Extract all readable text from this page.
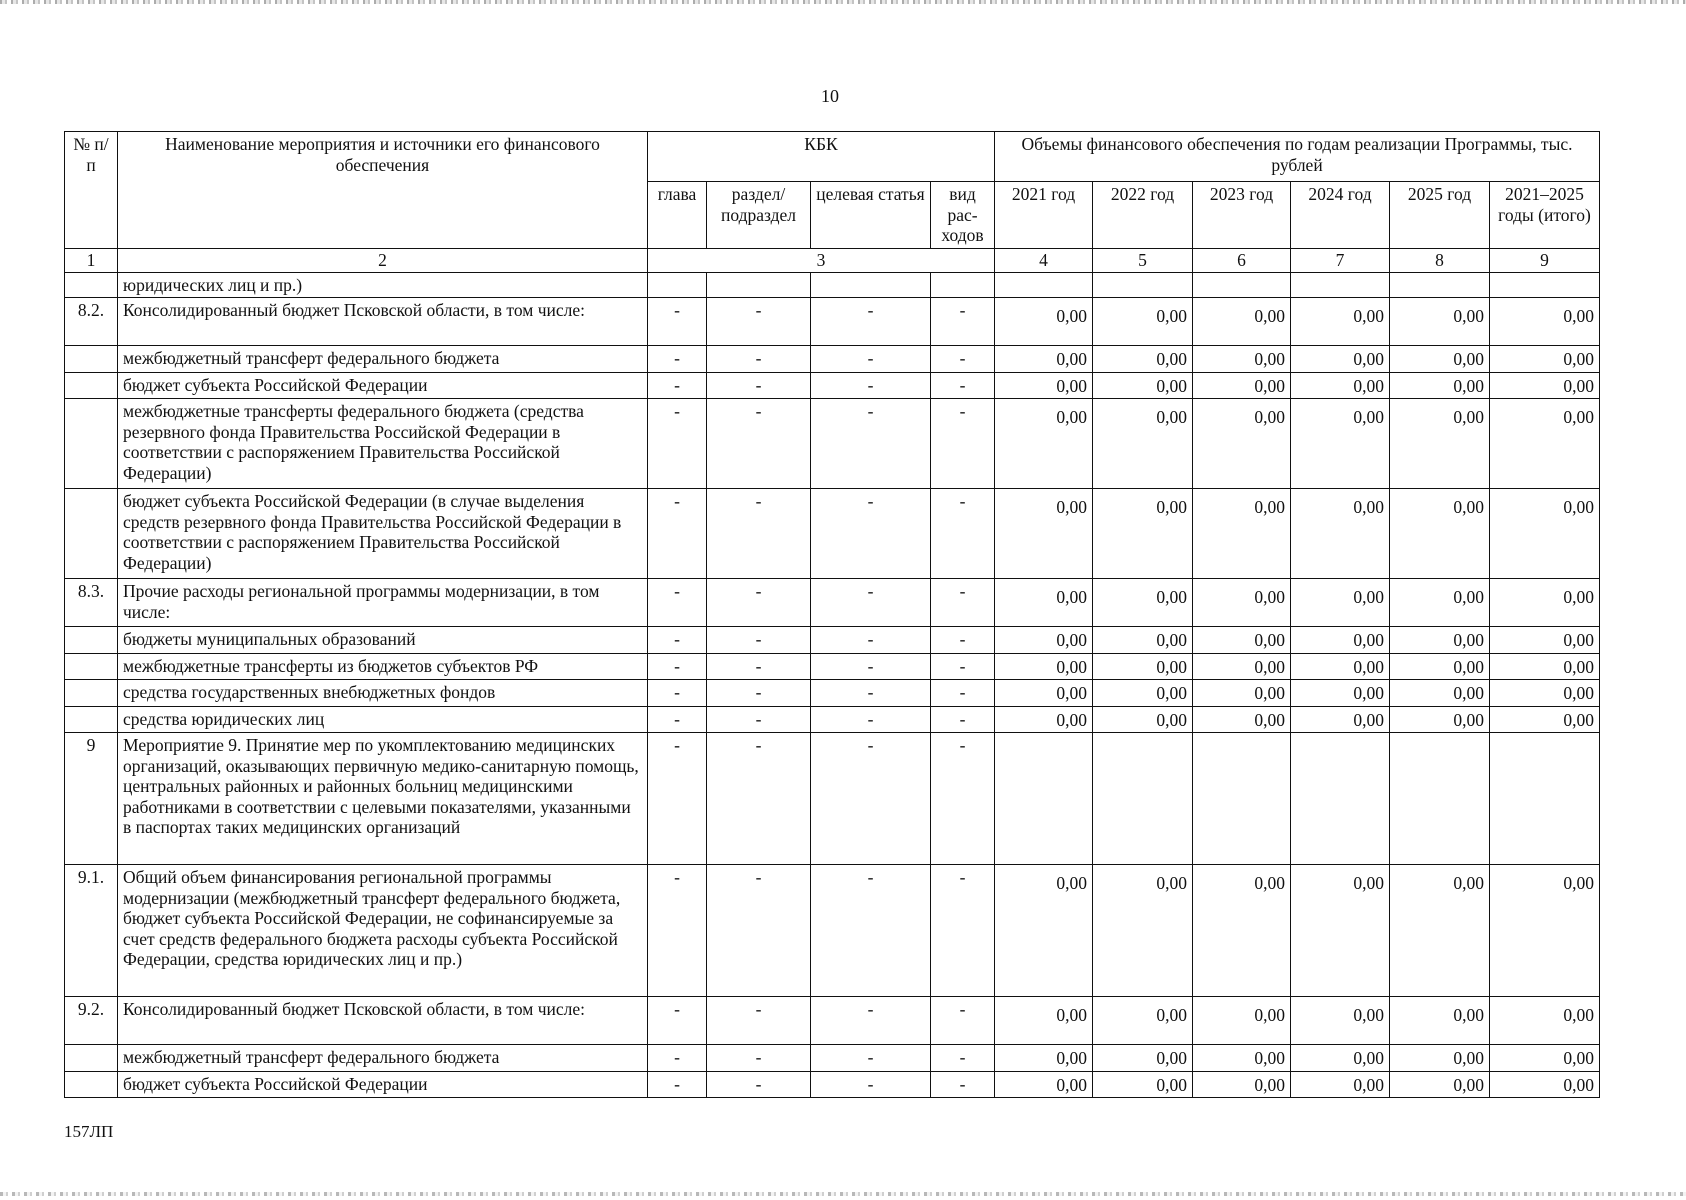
10
№ п/п	Наименование мероприятия и источники его финансового обеспечения	КБК				Объемы финансового обеспечения по годам реализации Программы, тыс. рублей					
		глава	раздел/ подраздел	целевая статья	вид рас-ходов	2021 год	2022 год	2023 год	2024 год	2025 год	2021–2025 годы (итого)
1	2	3				4	5	6	7	8	9
	юридических лиц и пр.)										
8.2.	Консолидированный бюджет Псковской области, в том числе:	-	-	-	-	0,00	0,00	0,00	0,00	0,00	0,00
	межбюджетный трансферт федерального бюджета	-	-	-	-	0,00	0,00	0,00	0,00	0,00	0,00
	бюджет субъекта Российской Федерации	-	-	-	-	0,00	0,00	0,00	0,00	0,00	0,00
	межбюджетные трансферты федерального бюджета (средства резервного фонда Правительства Российской Федерации в соответствии с распоряжением Правительства Российской Федерации)	-	-	-	-	0,00	0,00	0,00	0,00	0,00	0,00
	бюджет субъекта Российской Федерации (в случае выделения средств резервного фонда Правительства Российской Федерации в соответствии с распоряжением Правительства Российской Федерации)	-	-	-	-	0,00	0,00	0,00	0,00	0,00	0,00
8.3.	Прочие расходы региональной программы модернизации, в том числе:	-	-	-	-	0,00	0,00	0,00	0,00	0,00	0,00
	бюджеты муниципальных образований	-	-	-	-	0,00	0,00	0,00	0,00	0,00	0,00
	межбюджетные трансферты из бюджетов субъектов РФ	-	-	-	-	0,00	0,00	0,00	0,00	0,00	0,00
	средства государственных внебюджетных фондов	-	-	-	-	0,00	0,00	0,00	0,00	0,00	0,00
	средства юридических лиц	-	-	-	-	0,00	0,00	0,00	0,00	0,00	0,00
9	Мероприятие 9. Принятие мер по укомплектованию медицинских организаций, оказывающих первичную медико-санитарную помощь, центральных районных и районных больниц медицинскими работниками в соответствии с целевыми показателями, указанными в паспортах таких медицинских организаций	-	-	-	-						
9.1.	Общий объем финансирования региональной программы модернизации (межбюджетный трансферт федерального бюджета, бюджет субъекта Российской Федерации, не софинансируемые за счет средств федерального бюджета расходы субъекта Российской Федерации, средства юридических лиц и пр.)	-	-	-	-	0,00	0,00	0,00	0,00	0,00	0,00
9.2.	Консолидированный бюджет Псковской области, в том числе:	-	-	-	-	0,00	0,00	0,00	0,00	0,00	0,00
	межбюджетный трансферт федерального бюджета	-	-	-	-	0,00	0,00	0,00	0,00	0,00	0,00
	бюджет субъекта Российской Федерации	-	-	-	-	0,00	0,00	0,00	0,00	0,00	0,00
157ЛП
